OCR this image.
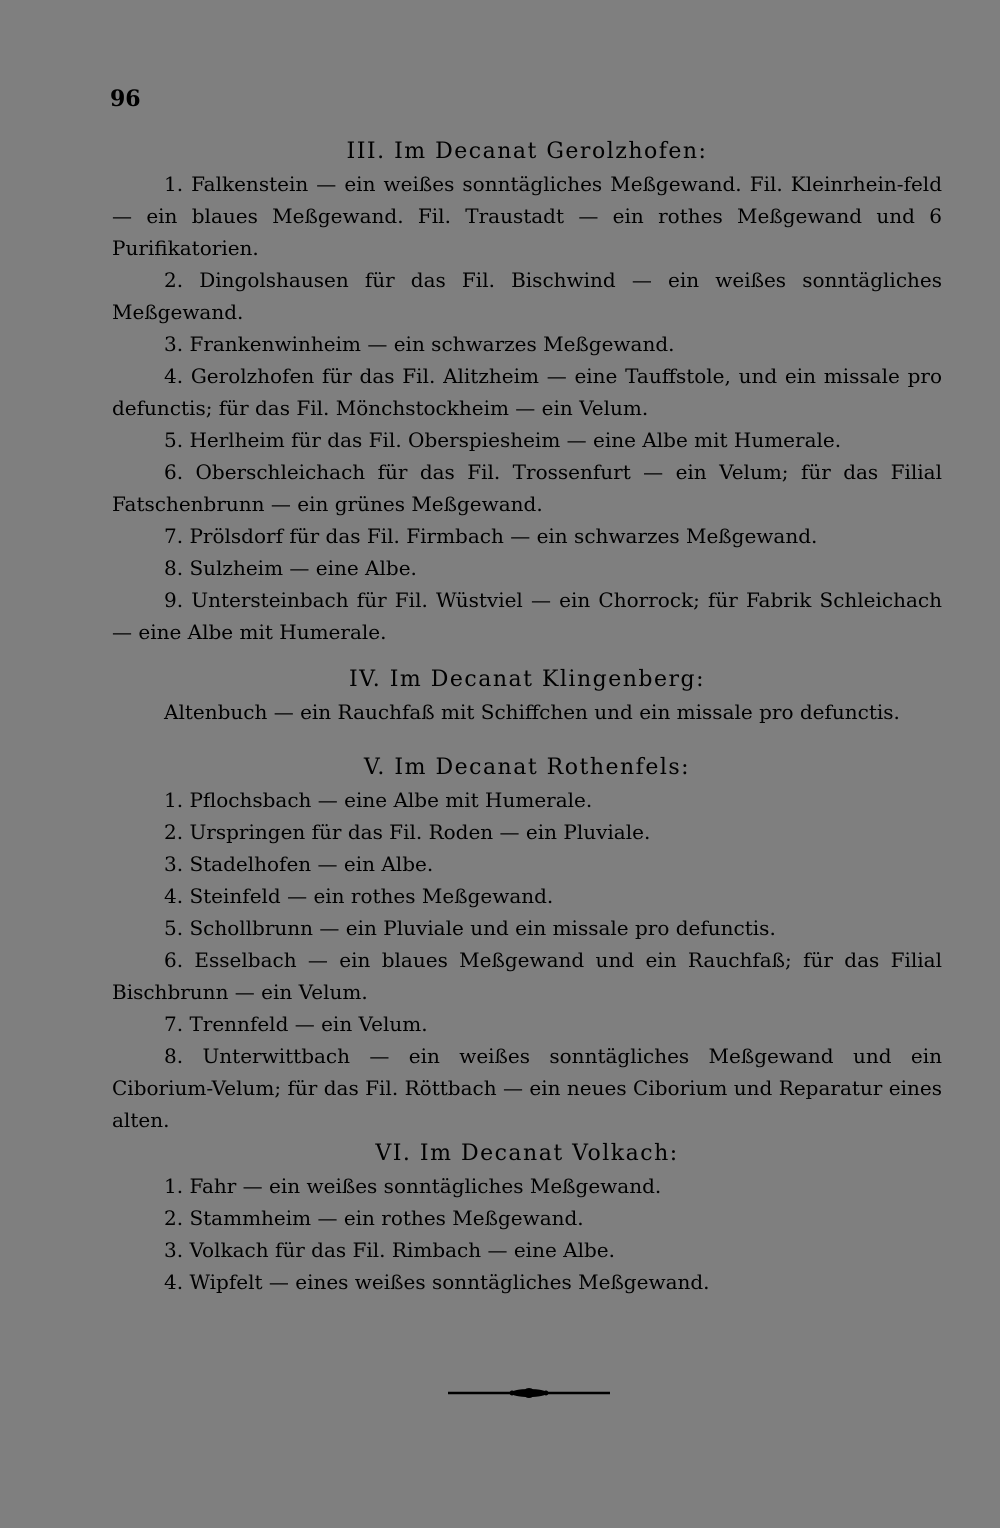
96

III. Im Decanat Gerolzhofen:

1. Falkenstein — ein weißes sonntägliches Meßgewand. Fil. Kleinrhein-feld — ein blaues Meßgewand. Fil. Traustadt — ein rothes Meßgewand und 6 Purifikatorien.

2. Dingolshausen für das Fil. Bischwind — ein weißes sonntägliches Meßgewand.

3. Frankenwinheim — ein schwarzes Meßgewand.

4. Gerolzhofen für das Fil. Alitzheim — eine Tauffstole, und ein missale pro defunctis; für das Fil. Mönchstockheim — ein Velum.

5. Herlheim für das Fil. Oberspiesheim — eine Albe mit Humerale.

6. Oberschleichach für das Fil. Trossenfurt — ein Velum; für das Filial Fatschenbrunn — ein grünes Meßgewand.

7. Prölsdorf für das Fil. Firmbach — ein schwarzes Meßgewand.

8. Sulzheim — eine Albe.

9. Untersteinbach für Fil. Wüstviel — ein Chorrock; für Fabrik Schleichach — eine Albe mit Humerale.

IV. Im Decanat Klingenberg:

Altenbuch — ein Rauchfaß mit Schiffchen und ein missale pro defunctis.

V. Im Decanat Rothenfels:

1. Pflochsbach — eine Albe mit Humerale.

2. Urspringen für das Fil. Roden — ein Pluviale.

3. Stadelhofen — ein Albe.

4. Steinfeld — ein rothes Meßgewand.

5. Schollbrunn — ein Pluviale und ein missale pro defunctis.

6. Esselbach — ein blaues Meßgewand und ein Rauchfaß; für das Filial Bischbrunn — ein Velum.

7. Trennfeld — ein Velum.

8. Unterwittbach — ein weißes sonntägliches Meßgewand und ein Ciborium-Velum; für das Fil. Röttbach — ein neues Ciborium und Reparatur eines alten.

VI. Im Decanat Volkach:

1. Fahr — ein weißes sonntägliches Meßgewand.

2. Stammheim — ein rothes Meßgewand.

3. Volkach für das Fil. Rimbach — eine Albe.

4. Wipfelt — eines weißes sonntägliches Meßgewand.
